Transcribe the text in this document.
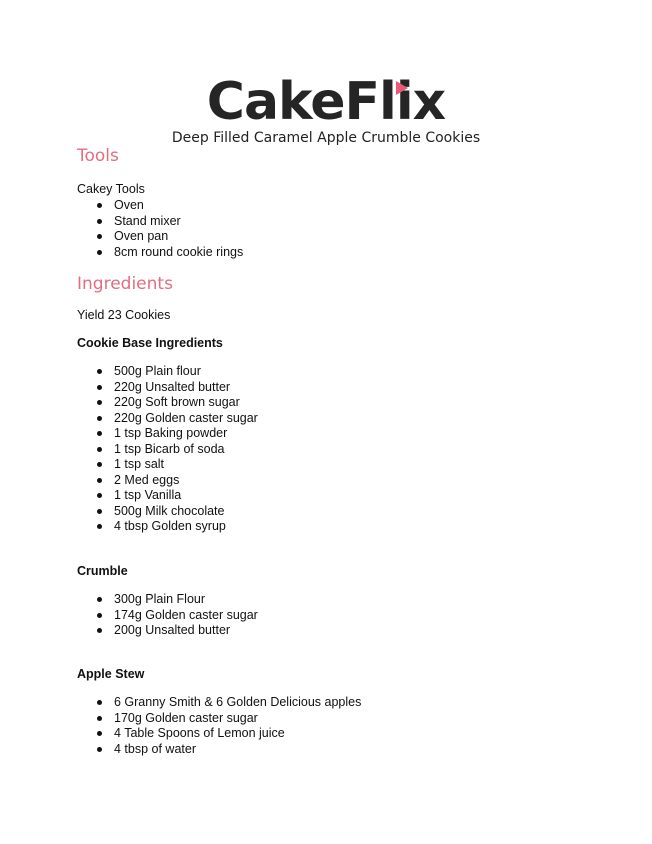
CakeFlix
Deep Filled Caramel Apple Crumble Cookies
Tools

Cakey Tools

Oven
Stand mixer
Oven pan
8cm round cookie rings
Ingredients

Yield 23 Cookies

Cookie Base Ingredients

500g Plain flour
220g Unsalted butter
220g Soft brown sugar
220g Golden caster sugar
1 tsp Baking powder
1 tsp Bicarb of soda
1 tsp salt
2 Med eggs
1 tsp Vanilla
500g Milk chocolate
4 tbsp Golden syrup

Crumble

300g Plain Flour
174g Golden caster sugar
200g Unsalted butter

Apple Stew

6 Granny Smith & 6 Golden Delicious apples
170g Golden caster sugar
4 Table Spoons of Lemon juice
4 tbsp of water
